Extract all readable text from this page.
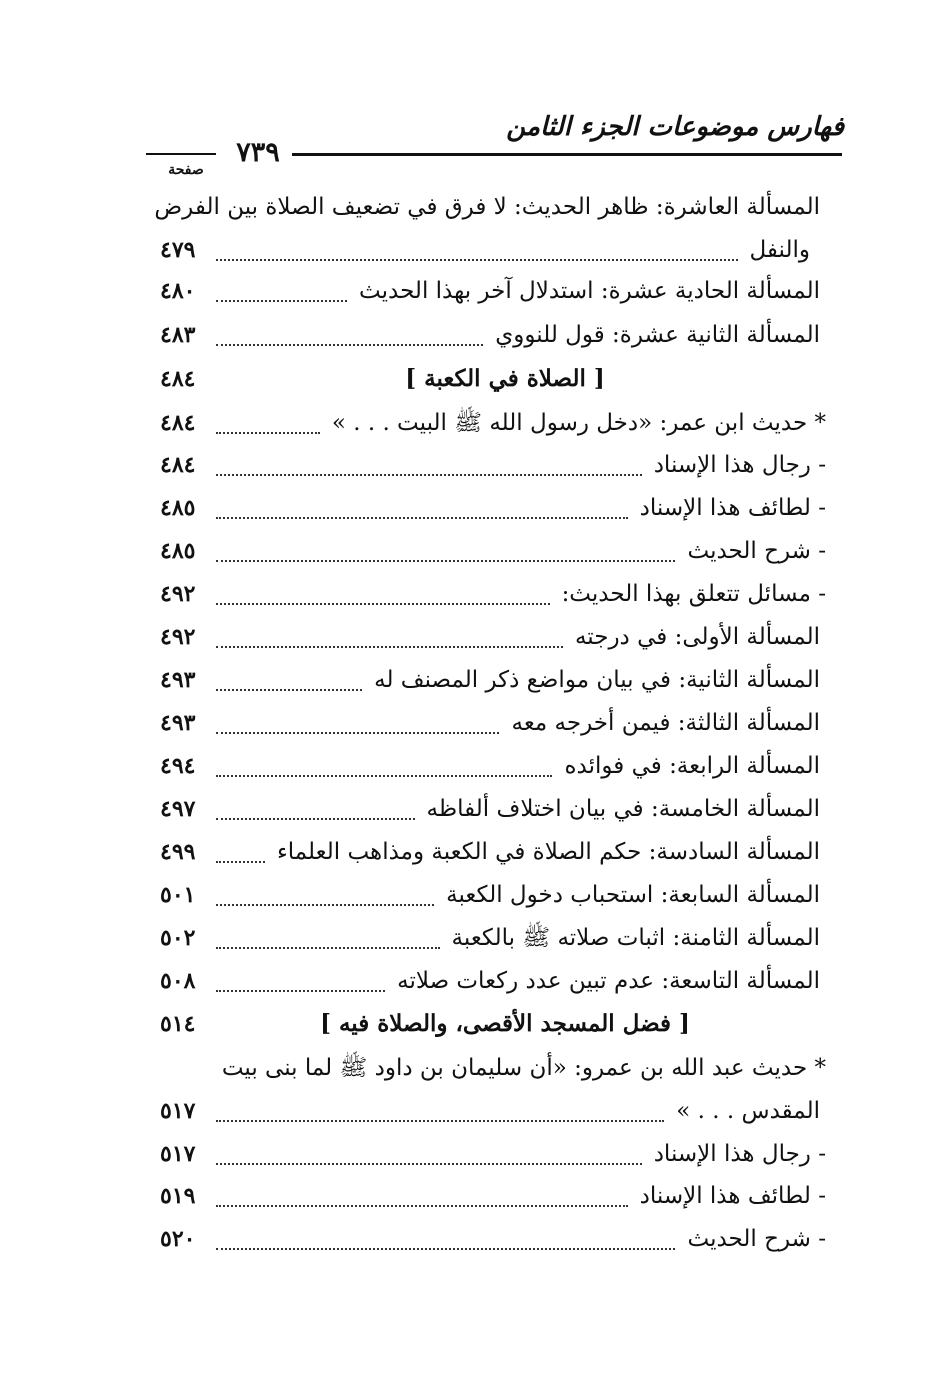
فهارس موضوعات الجزء الثامن
٧٣٩
صفحة
المسألة العاشرة: ظاهر الحديث: لا فرق في تضعيف الصلاة بين الفرض
والنفل
٤٧٩
المسألة الحادية عشرة: استدلال آخر بهذا الحديث
٤٨٠
المسألة الثانية عشرة: قول للنووي
٤٨٣
[ الصلاة في الكعبة ]
٤٨٤
* حديث ابن عمر: «دخل رسول الله ﷺ البيت . . . »
٤٨٤
- رجال هذا الإسناد
٤٨٤
- لطائف هذا الإسناد
٤٨٥
- شرح الحديث
٤٨٥
- مسائل تتعلق بهذا الحديث:
٤٩٢
المسألة الأولى: في درجته
٤٩٢
المسألة الثانية: في بيان مواضع ذكر المصنف له
٤٩٣
المسألة الثالثة: فيمن أخرجه معه
٤٩٣
المسألة الرابعة: في فوائده
٤٩٤
المسألة الخامسة: في بيان اختلاف ألفاظه
٤٩٧
المسألة السادسة: حكم الصلاة في الكعبة ومذاهب العلماء
٤٩٩
المسألة السابعة: استحباب دخول الكعبة
٥٠١
المسألة الثامنة: اثبات صلاته ﷺ بالكعبة
٥٠٢
المسألة التاسعة: عدم تبين عدد ركعات صلاته
٥٠٨
[ فضل المسجد الأقصى، والصلاة فيه ]
٥١٤
* حديث عبد الله بن عمرو: «أن سليمان بن داود ﷺ لما بنى بيت
المقدس . . . »
٥١٧
- رجال هذا الإسناد
٥١٧
- لطائف هذا الإسناد
٥١٩
- شرح الحديث
٥٢٠
